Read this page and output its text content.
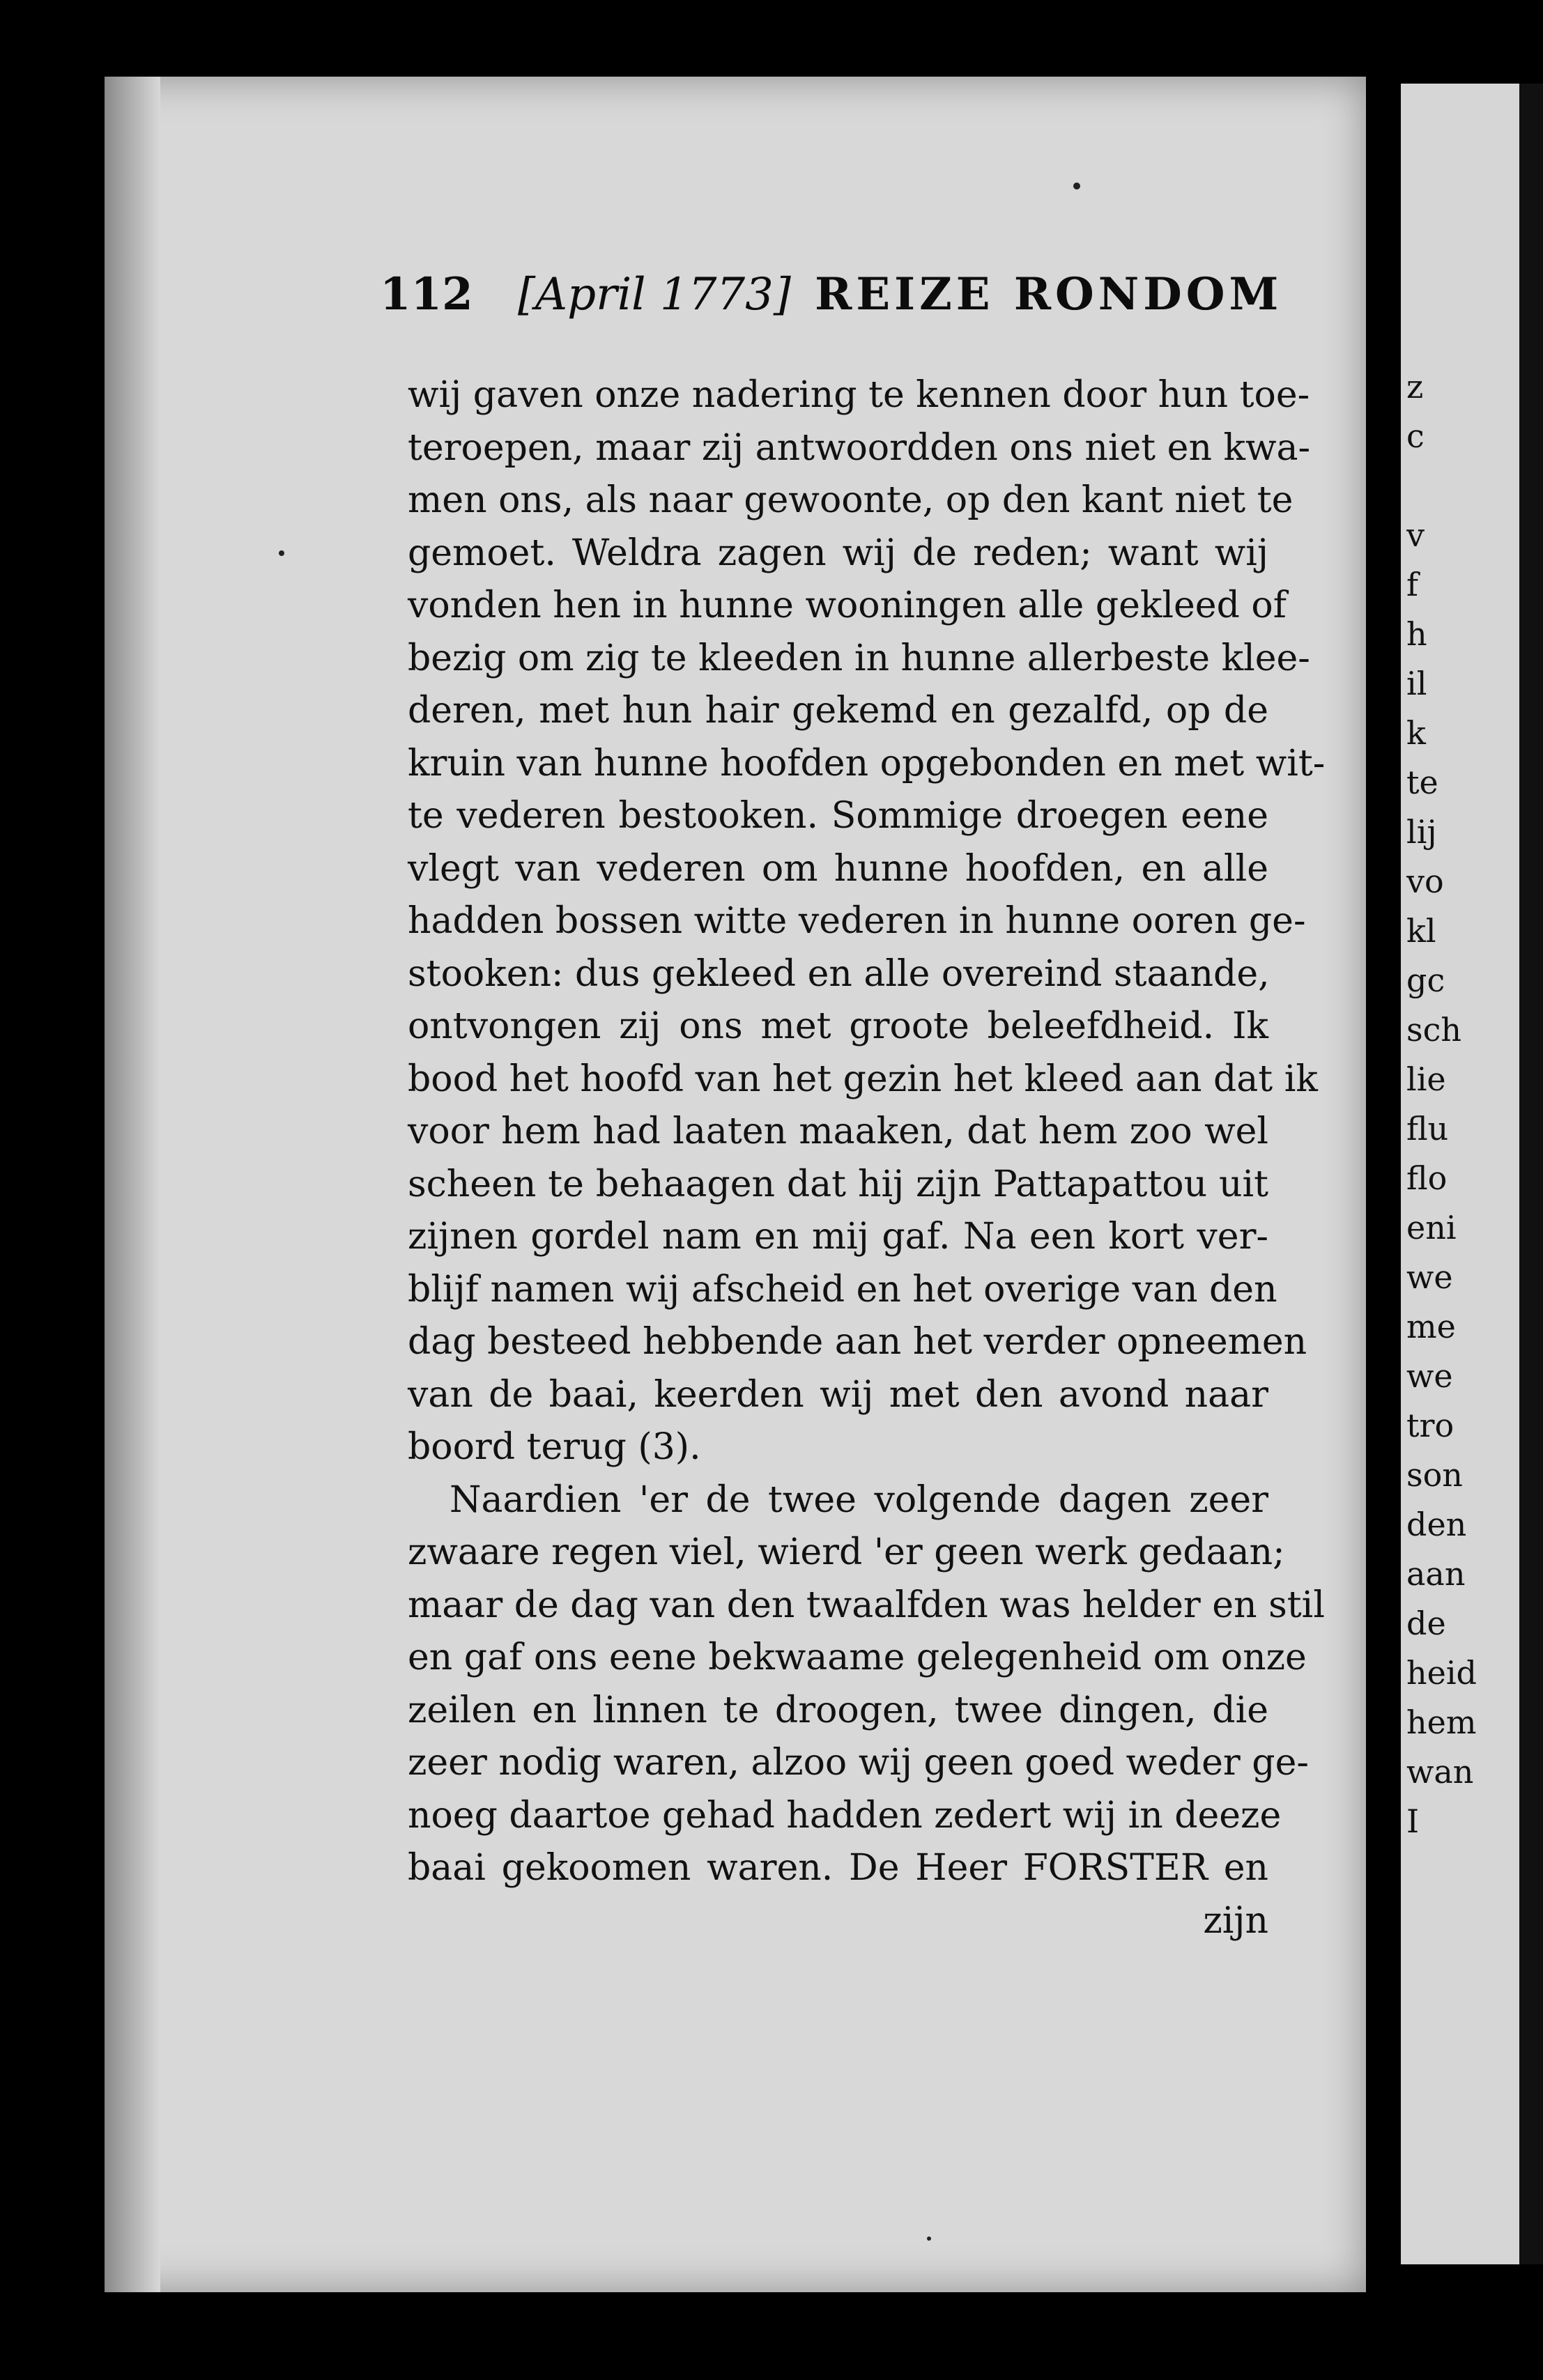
112 [April 1773] REIZE RONDOM
wij gaven onze nadering te kennen door hun toe-
teroepen, maar zij antwoordden ons niet en kwa-
men ons, als naar gewoonte, op den kant niet te
gemoet. Weldra zagen wij de reden; want wij
vonden hen in hunne wooningen alle gekleed of
bezig om zig te kleeden in hunne allerbeste klee-
deren, met hun hair gekemd en gezalfd, op de
kruin van hunne hoofden opgebonden en met wit-
te vederen bestooken. Sommige droegen eene
vlegt van vederen om hunne hoofden, en alle
hadden bossen witte vederen in hunne ooren ge-
stooken: dus gekleed en alle overeind staande,
ontvongen zij ons met groote beleefdheid. Ik
bood het hoofd van het gezin het kleed aan dat ik
voor hem had laaten maaken, dat hem zoo wel
scheen te behaagen dat hij zijn Pattapattou uit
zijnen gordel nam en mij gaf. Na een kort ver-
blijf namen wij afscheid en het overige van den
dag besteed hebbende aan het verder opneemen
van de baai, keerden wij met den avond naar
boord terug (3).
Naardien 'er de twee volgende dagen zeer
zwaare regen viel, wierd 'er geen werk gedaan;
maar de dag van den twaalfden was helder en stil
en gaf ons eene bekwaame gelegenheid om onze
zeilen en linnen te droogen, twee dingen, die
zeer nodig waren, alzoo wij geen goed weder ge-
noeg daartoe gehad hadden zedert wij in deeze
baai gekoomen waren. De Heer FORSTER en
zijn
z
c
v
f
h
il
k
te
lij
vo
kl
gc
sch
lie
flu
flo
eni
we
me
we
tro
son
den
aan
de
heid
hem
wan
I
